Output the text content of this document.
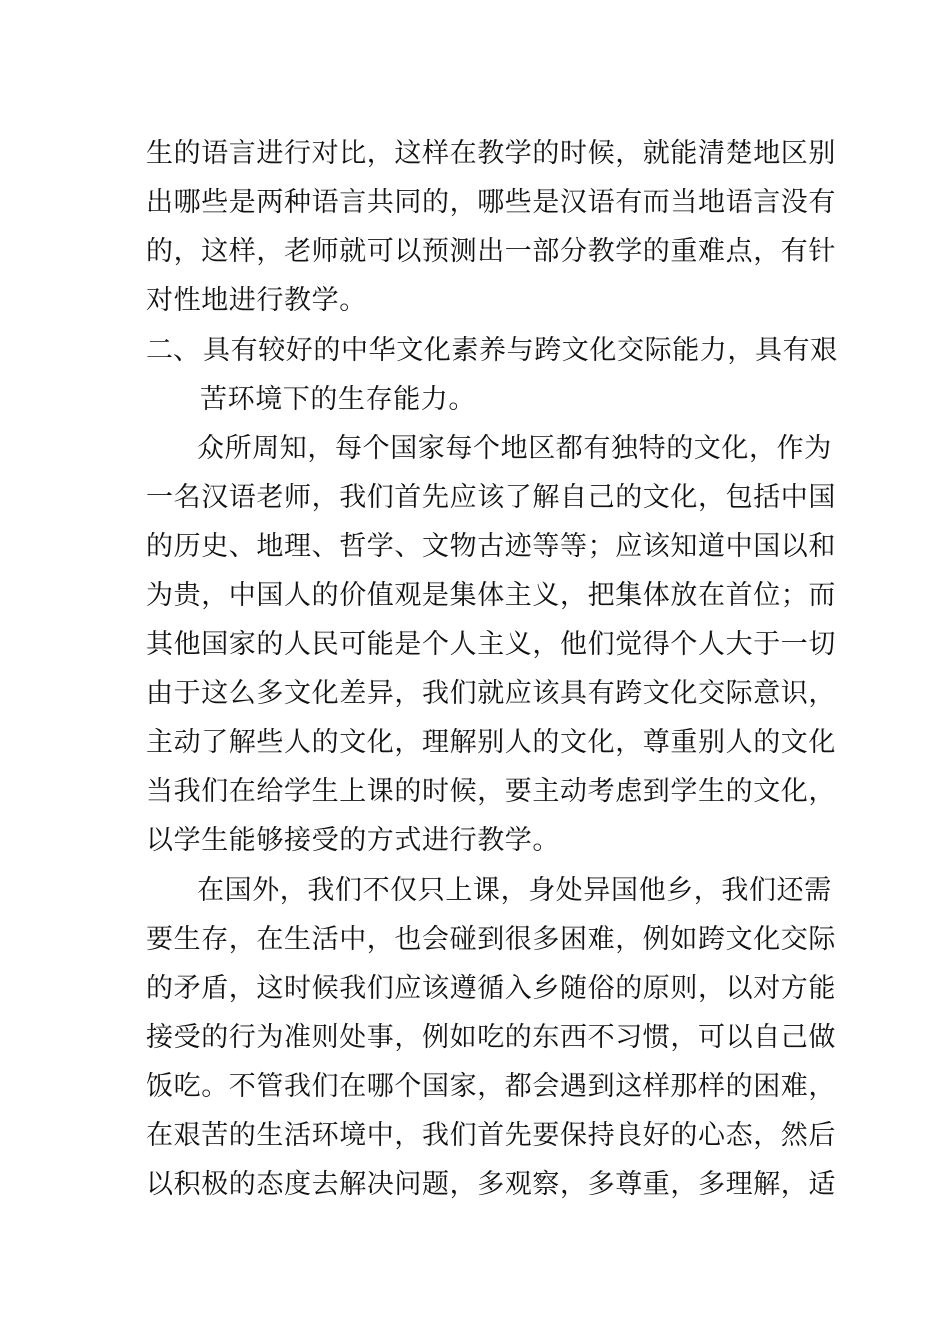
生的语言进行对比，这样在教学的时候，就能清楚地区别
出哪些是两种语言共同的，哪些是汉语有而当地语言没有
的，这样，老师就可以预测出一部分教学的重难点，有针
对性地进行教学。
二、 具有较好的中华文化素养与跨文化交际能力，具有艰
苦环境下的生存能力。
众所周知，每个国家每个地区都有独特的文化，作为
一名汉语老师，我们首先应该了解自己的文化，包括中国
的历史、地理、哲学、文物古迹等等；应该知道中国以和
为贵，中国人的价值观是集体主义，把集体放在首位；而
其他国家的人民可能是个人主义，他们觉得个人大于一切
由于这么多文化差异，我们就应该具有跨文化交际意识，
主动了解些人的文化，理解别人的文化，尊重别人的文化
当我们在给学生上课的时候，要主动考虑到学生的文化，
以学生能够接受的方式进行教学。
在国外，我们不仅只上课，身处异国他乡，我们还需
要生存，在生活中，也会碰到很多困难，例如跨文化交际
的矛盾，这时候我们应该遵循入乡随俗的原则，以对方能
接受的行为准则处事，例如吃的东西不习惯，可以自己做
饭吃。不管我们在哪个国家，都会遇到这样那样的困难，
在艰苦的生活环境中，我们首先要保持良好的心态，然后
以积极的态度去解决问题，多观察，多尊重，多理解，适
